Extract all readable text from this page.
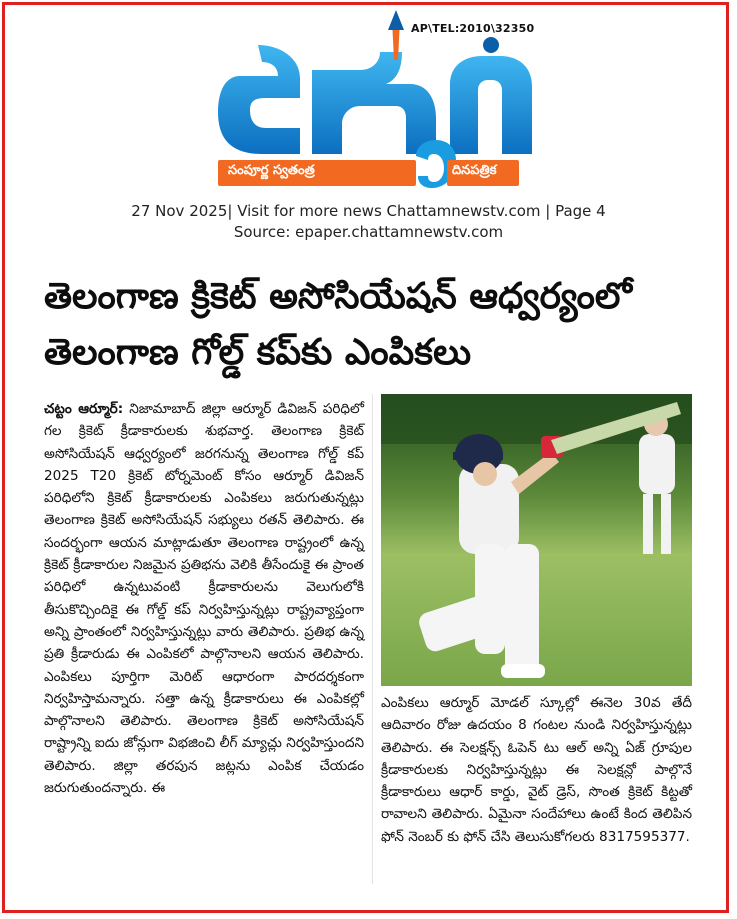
AP\TEL:2010\32350
సంపూర్ణ స్వతంత్ర	దినపత్రిక
27 Nov 2025| Visit for more news Chattamnewstv.com | Page 4
Source: epaper.chattamnewstv.com
తెలంగాణ క్రికెట్ అసోసియేషన్ ఆధ్వర్యంలో
తెలంగాణ గోల్డ్ కప్‌కు ఎంపికలు
చట్టం ఆర్మూర్: నిజామాబాద్ జిల్లా ఆర్మూర్ డివిజన్ పరిధిలో గల క్రికెట్ క్రీడాకారులకు శుభవార్త. తెలంగాణ క్రికెట్ అసోసియేషన్ ఆధ్వర్యంలో జరగనున్న తెలంగాణ గోల్డ్ కప్ 2025 T20 క్రికెట్ టోర్నమెంట్ కోసం ఆర్మూర్ డివిజన్ పరిధిలోని క్రికెట్ క్రీడాకారులకు ఎంపికలు జరుగుతున్నట్లు తెలంగాణ క్రికెట్ అసోసియేషన్ సభ్యులు రతన్ తెలిపారు. ఈ సందర్భంగా ఆయన మాట్లాడుతూ తెలంగాణ రాష్ట్రంలో ఉన్న క్రికెట్ క్రీడాకారుల నిజమైన ప్రతిభను వెలికి తీసేందుకై ఈ ప్రాంత పరిధిలో ఉన్నటువంటి క్రీడాకారులను వెలుగులోకి తీసుకొచ్చిందికై ఈ గోల్డ్ కప్ నిర్వహిస్తున్నట్లు రాష్ట్రవ్యాప్తంగా అన్ని ప్రాంతంలో నిర్వహిస్తున్నట్లు వారు తెలిపారు. ప్రతిభ ఉన్న ప్రతి క్రీడారుడు ఈ ఎంపికలో పాల్గొనాలని ఆయన తెలిపారు. ఎంపికలు పూర్తిగా మెరిట్ ఆధారంగా పారదర్శకంగా నిర్వహిస్తామన్నారు. సత్తా ఉన్న క్రీడాకారులు ఈ ఎంపికల్లో పాల్గొనాలని తెలిపారు. తెలంగాణ క్రికెట్ అసోసియేషన్ రాష్ట్రాన్ని ఐదు జోన్లుగా విభజించి లీగ్ మ్యాచ్లు నిర్వహిస్తుందని తెలిపారు. జిల్లా తరపున జట్లను ఎంపిక చేయడం జరుగుతుందన్నారు. ఈ
ఎంపికలు ఆర్మూర్ మోడల్ స్కూల్లో ఈనెల 30వ తేదీ ఆదివారం రోజు ఉదయం 8 గంటల నుండి నిర్వహిస్తున్నట్లు తెలిపారు. ఈ సెలక్షన్స్ ఓపెన్ టు ఆల్ అన్ని ఏజ్ గ్రూపుల క్రీడాకారులకు నిర్వహిస్తున్నట్లు ఈ సెలక్షన్లో పాల్గొనే క్రీడాకారులు ఆధార్ కార్డు, వైట్ డ్రెస్, సొంత క్రికెట్ కిట్టతో రావాలని తెలిపారు. ఏమైనా సందేహాలు ఉంటే కింద తెలిపిన ఫోన్ నెంబర్ కు ఫోన్ చేసి తెలుసుకోగలరు 8317595377.
